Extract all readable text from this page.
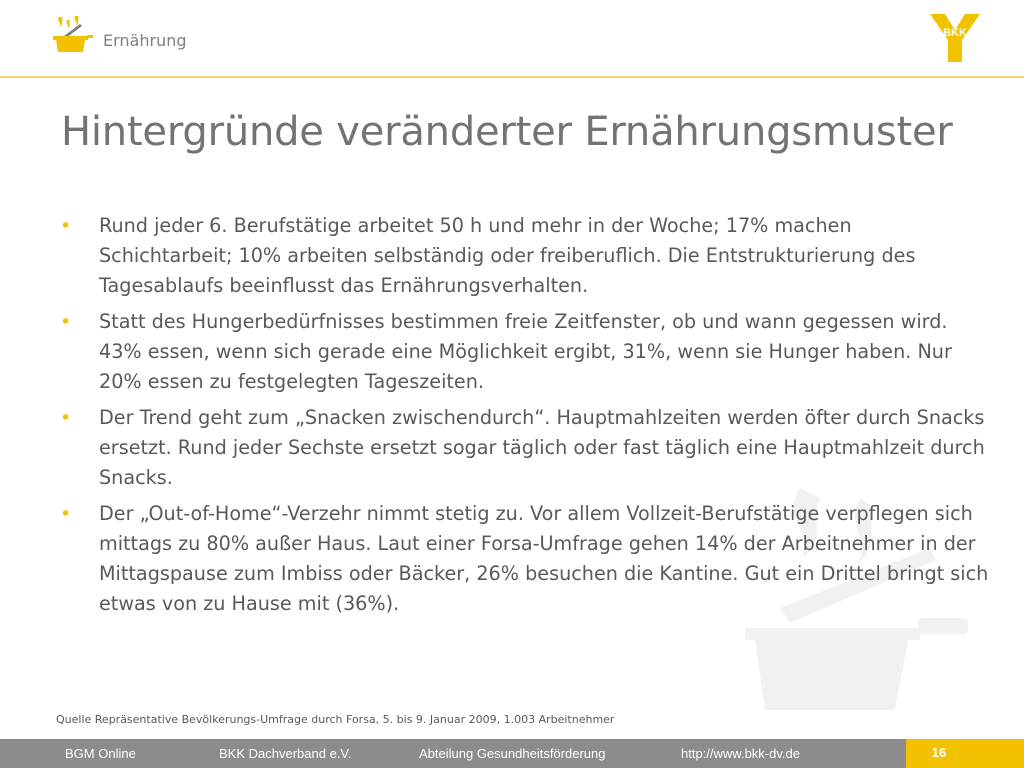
Ernährung	BKK
Hintergründe veränderter Ernährungsmuster
• Rund jeder 6. Berufstätige arbeitet 50 h und mehr in der Woche; 17% machen Schichtarbeit; 10% arbeiten selbständig oder freiberuflich. Die Entstrukturierung des Tagesablaufs beeinflusst das Ernährungsverhalten.
• Statt des Hungerbedürfnisses bestimmen freie Zeitfenster, ob und wann gegessen wird. 43% essen, wenn sich gerade eine Möglichkeit ergibt, 31%, wenn sie Hunger haben. Nur 20% essen zu festgelegten Tageszeiten.
• Der Trend geht zum „Snacken zwischendurch“. Hauptmahlzeiten werden öfter durch Snacks ersetzt. Rund jeder Sechste ersetzt sogar täglich oder fast täglich eine Hauptmahlzeit durch Snacks.
• Der „Out-of-Home“-Verzehr nimmt stetig zu. Vor allem Vollzeit-Berufstätige verpflegen sich mittags zu 80% außer Haus. Laut einer Forsa-Umfrage gehen 14% der Arbeitnehmer in der Mittagspause zum Imbiss oder Bäcker, 26% besuchen die Kantine. Gut ein Drittel bringt sich etwas von zu Hause mit (36%).
Quelle Repräsentative Bevölkerungs-Umfrage durch Forsa, 5. bis 9. Januar 2009, 1.003 Arbeitnehmer
BGM Online	BKK Dachverband e.V.	Abteilung Gesundheitsförderung	http://www.bkk-dv.de	16
